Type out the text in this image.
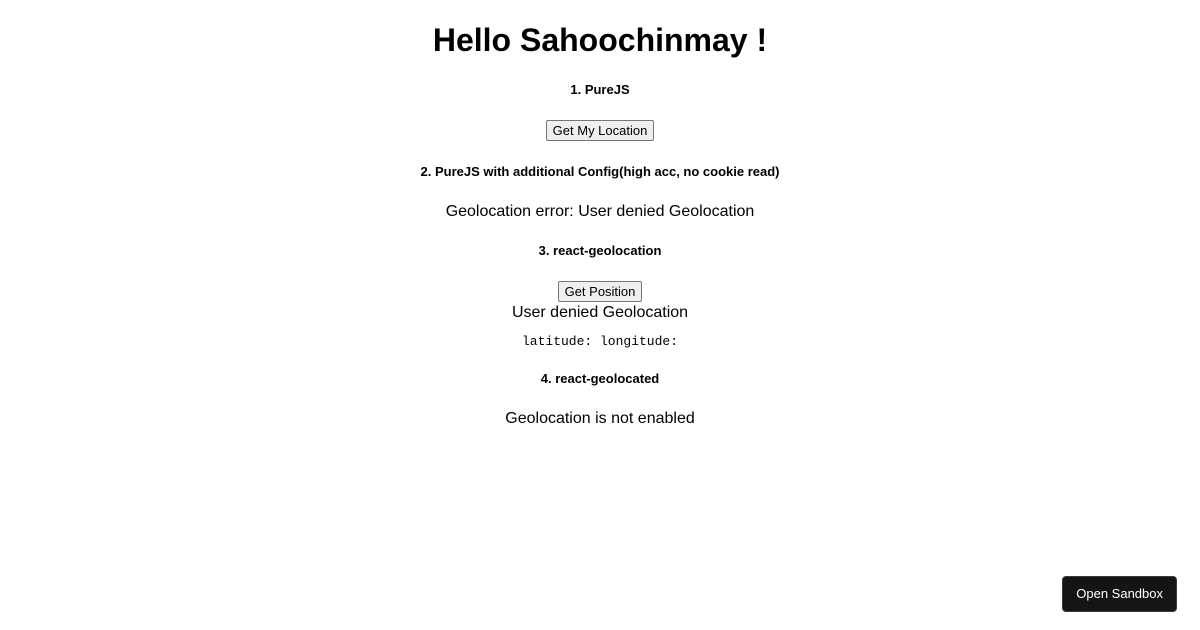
Hello Sahoochinmay !
1. PureJS
Get My Location
2. PureJS with additional Config(high acc, no cookie read)
Geolocation error: User denied Geolocation
3. react-geolocation
Get Position
User denied Geolocation
latitude: longitude:
4. react-geolocated
Geolocation is not enabled
Open Sandbox
